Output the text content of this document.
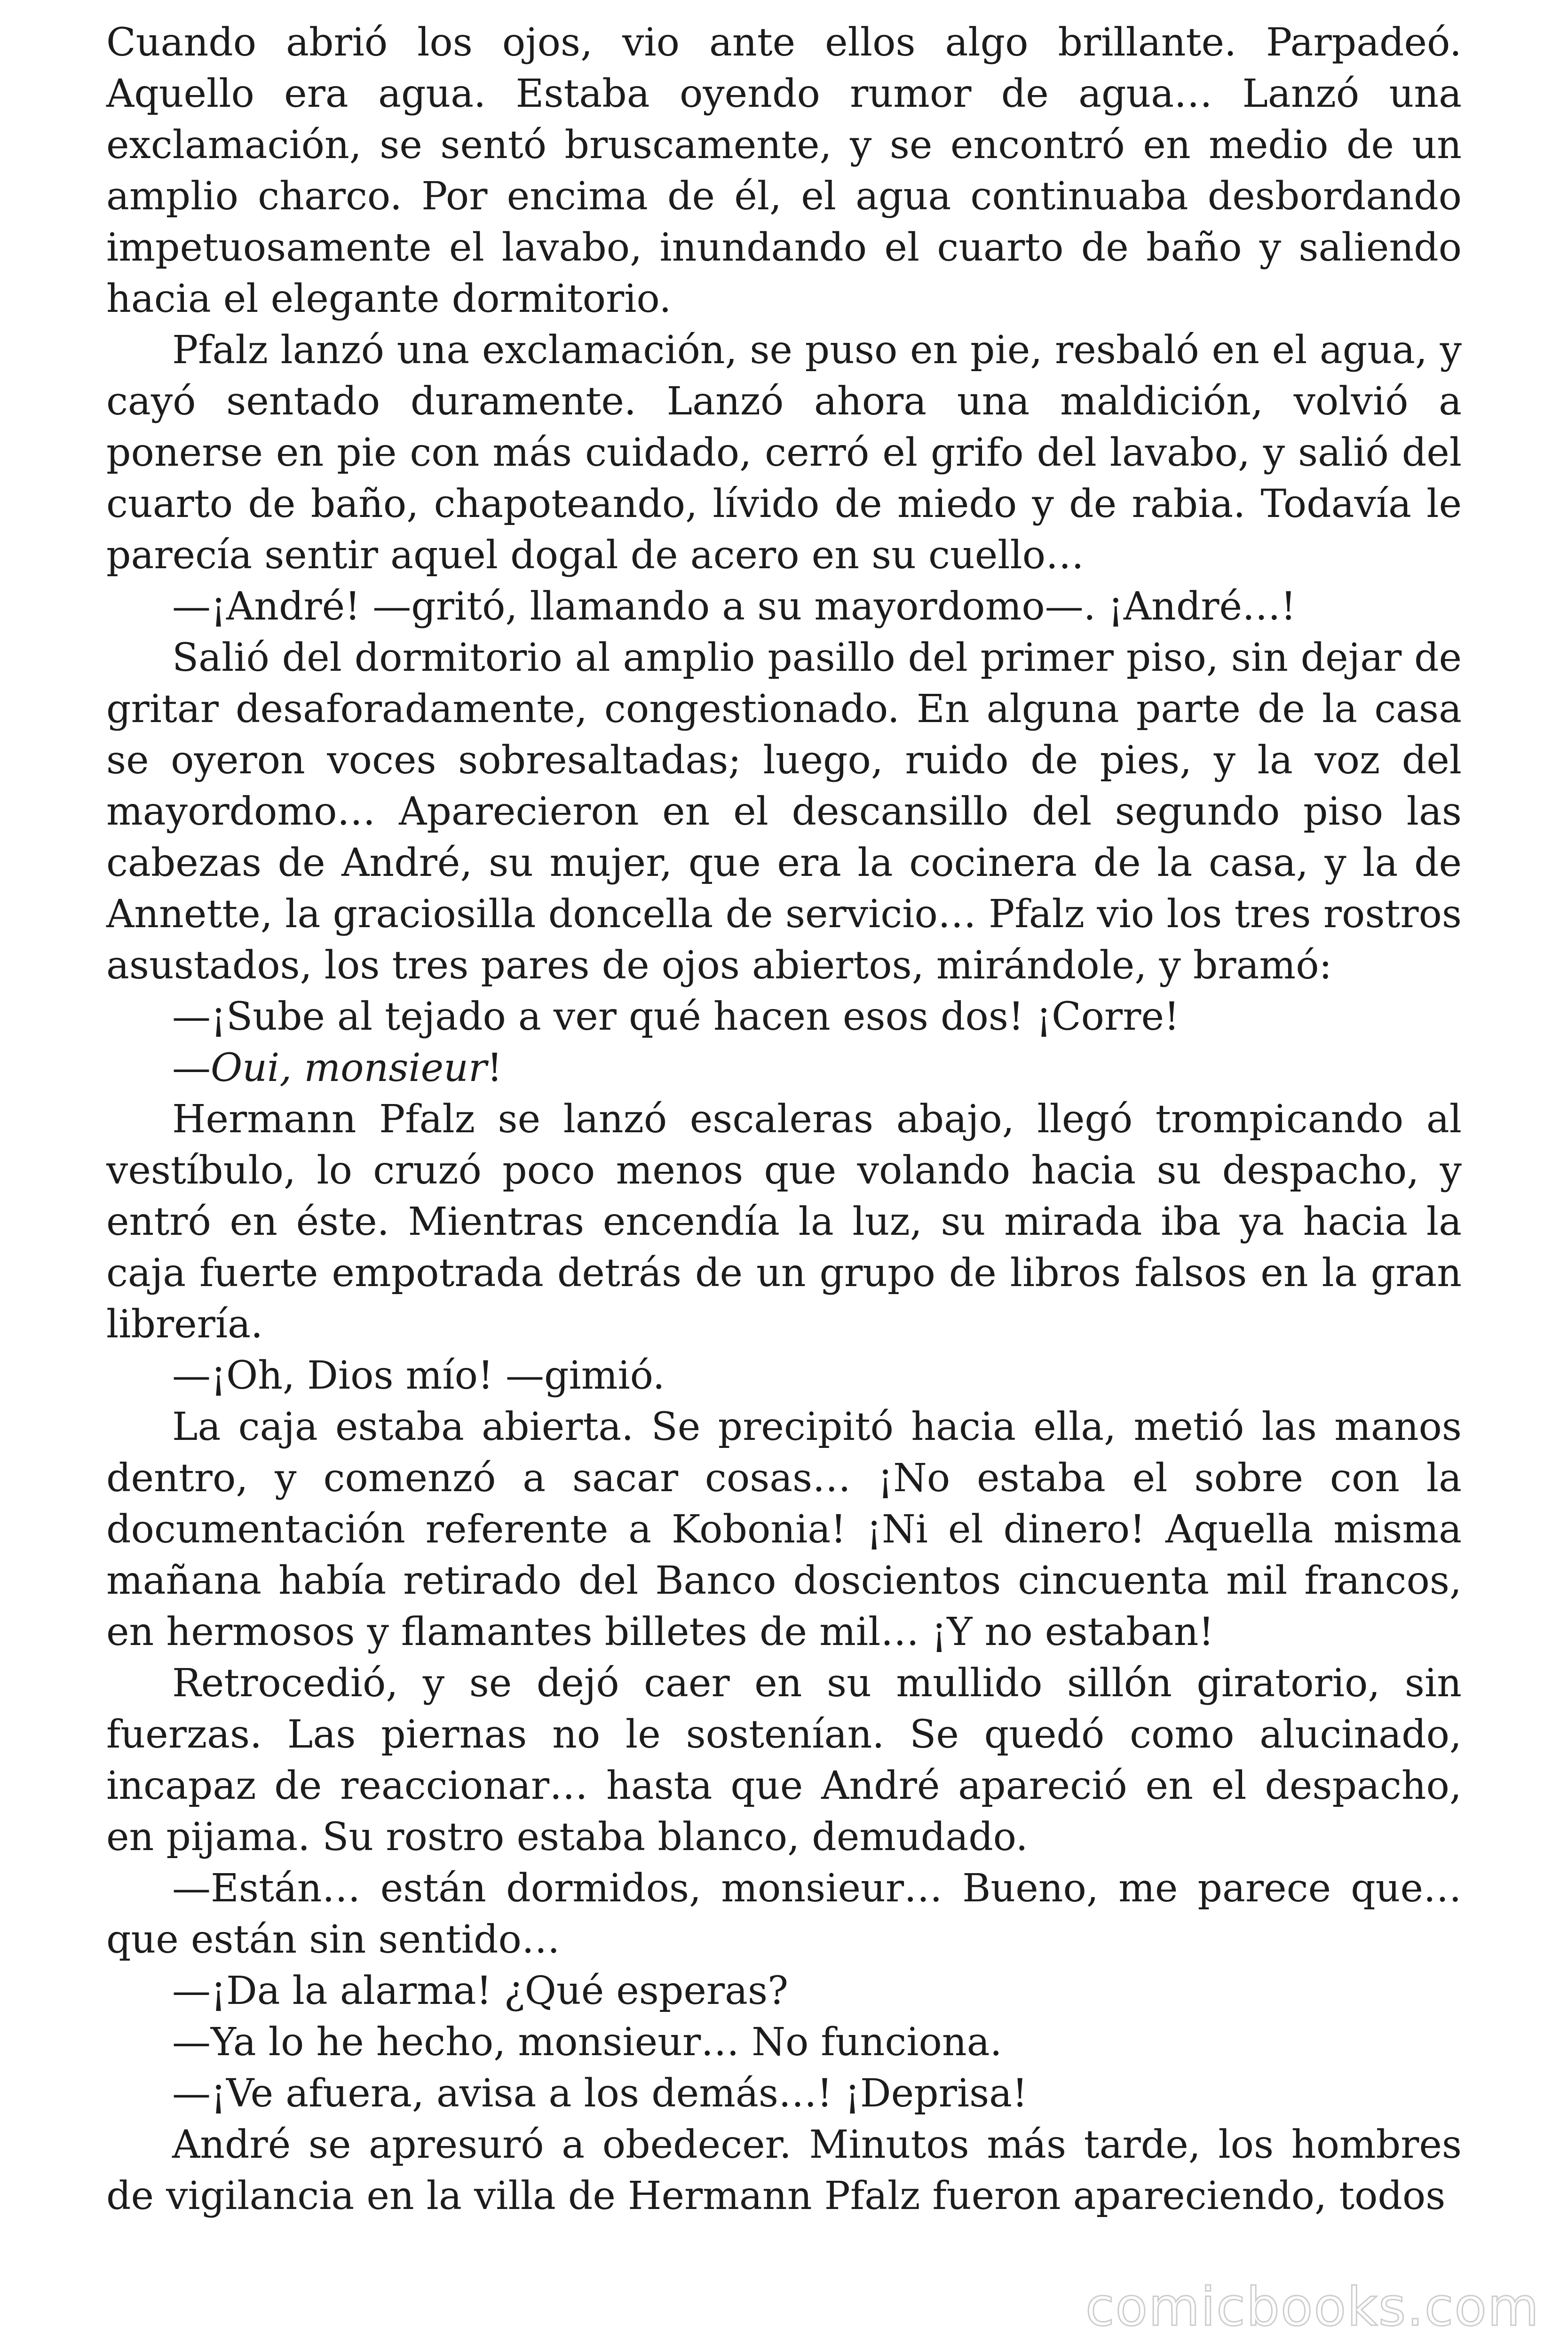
Cuando abrió los ojos, vio ante ellos algo brillante. Parpadeó. Aquello era agua. Estaba oyendo rumor de agua… Lanzó una exclamación, se sentó bruscamente, y se encontró en medio de un amplio charco. Por encima de él, el agua continuaba desbordando impetuosamente el lavabo, inundando el cuarto de baño y saliendo hacia el elegante dormitorio.

Pfalz lanzó una exclamación, se puso en pie, resbaló en el agua, y cayó sentado duramente. Lanzó ahora una maldición, volvió a ponerse en pie con más cuidado, cerró el grifo del lavabo, y salió del cuarto de baño, chapoteando, lívido de miedo y de rabia. Todavía le parecía sentir aquel dogal de acero en su cuello…

—¡André! —gritó, llamando a su mayordomo—. ¡André…!

Salió del dormitorio al amplio pasillo del primer piso, sin dejar de gritar desaforadamente, congestionado. En alguna parte de la casa se oyeron voces sobresaltadas; luego, ruido de pies, y la voz del mayordomo… Aparecieron en el descansillo del segundo piso las cabezas de André, su mujer, que era la cocinera de la casa, y la de Annette, la graciosilla doncella de servicio… Pfalz vio los tres rostros asustados, los tres pares de ojos abiertos, mirándole, y bramó:

—¡Sube al tejado a ver qué hacen esos dos! ¡Corre!

—Oui, monsieur!

Hermann Pfalz se lanzó escaleras abajo, llegó trompicando al vestíbulo, lo cruzó poco menos que volando hacia su despacho, y entró en éste. Mientras encendía la luz, su mirada iba ya hacia la caja fuerte empotrada detrás de un grupo de libros falsos en la gran librería.

—¡Oh, Dios mío! —gimió.

La caja estaba abierta. Se precipitó hacia ella, metió las manos dentro, y comenzó a sacar cosas… ¡No estaba el sobre con la documentación referente a Kobonia! ¡Ni el dinero! Aquella misma mañana había retirado del Banco doscientos cincuenta mil francos, en hermosos y flamantes billetes de mil… ¡Y no estaban!

Retrocedió, y se dejó caer en su mullido sillón giratorio, sin fuerzas. Las piernas no le sostenían. Se quedó como alucinado, incapaz de reaccionar… hasta que André apareció en el despacho, en pijama. Su rostro estaba blanco, demudado.

—Están… están dormidos, monsieur… Bueno, me parece que… que están sin sentido…

—¡Da la alarma! ¿Qué esperas?

—Ya lo he hecho, monsieur… No funciona.

—¡Ve afuera, avisa a los demás…! ¡Deprisa!

André se apresuró a obedecer. Minutos más tarde, los hombres de vigilancia en la villa de Hermann Pfalz fueron apareciendo, todos

comicbooks.com
